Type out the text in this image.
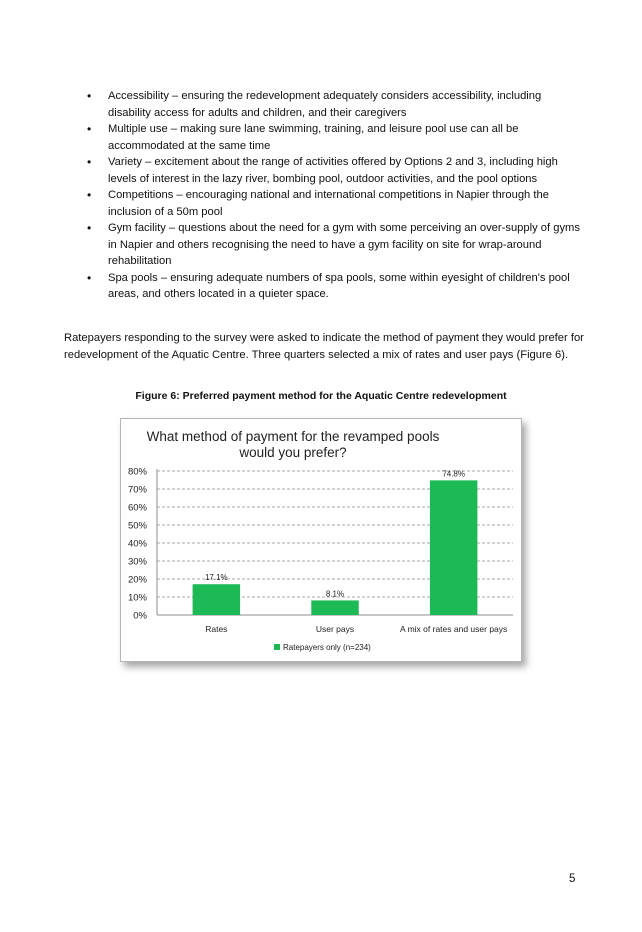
• Accessibility – ensuring the redevelopment adequately considers accessibility, including disability access for adults and children, and their caregivers
• Multiple use – making sure lane swimming, training, and leisure pool use can all be accommodated at the same time
• Variety – excitement about the range of activities offered by Options 2 and 3, including high levels of interest in the lazy river, bombing pool, outdoor activities, and the pool options
• Competitions – encouraging national and international competitions in Napier through the inclusion of a 50m pool
• Gym facility – questions about the need for a gym with some perceiving an over-supply of gyms in Napier and others recognising the need to have a gym facility on site for wrap-around rehabilitation
• Spa pools – ensuring adequate numbers of spa pools, some within eyesight of children's pool areas, and others located in a quieter space.

Ratepayers responding to the survey were asked to indicate the method of payment they would prefer for redevelopment of the Aquatic Centre. Three quarters selected a mix of rates and user pays (Figure 6).

Figure 6: Preferred payment method for the Aquatic Centre redevelopment

What method of payment for the revamped pools
would you prefer?
0%
10%
20%
30%
40%
50%
60%
70%
80%
17.1%
Rates
8.1%
User pays
74.8%
A mix of rates and user pays
Ratepayers only (n=234)

5
